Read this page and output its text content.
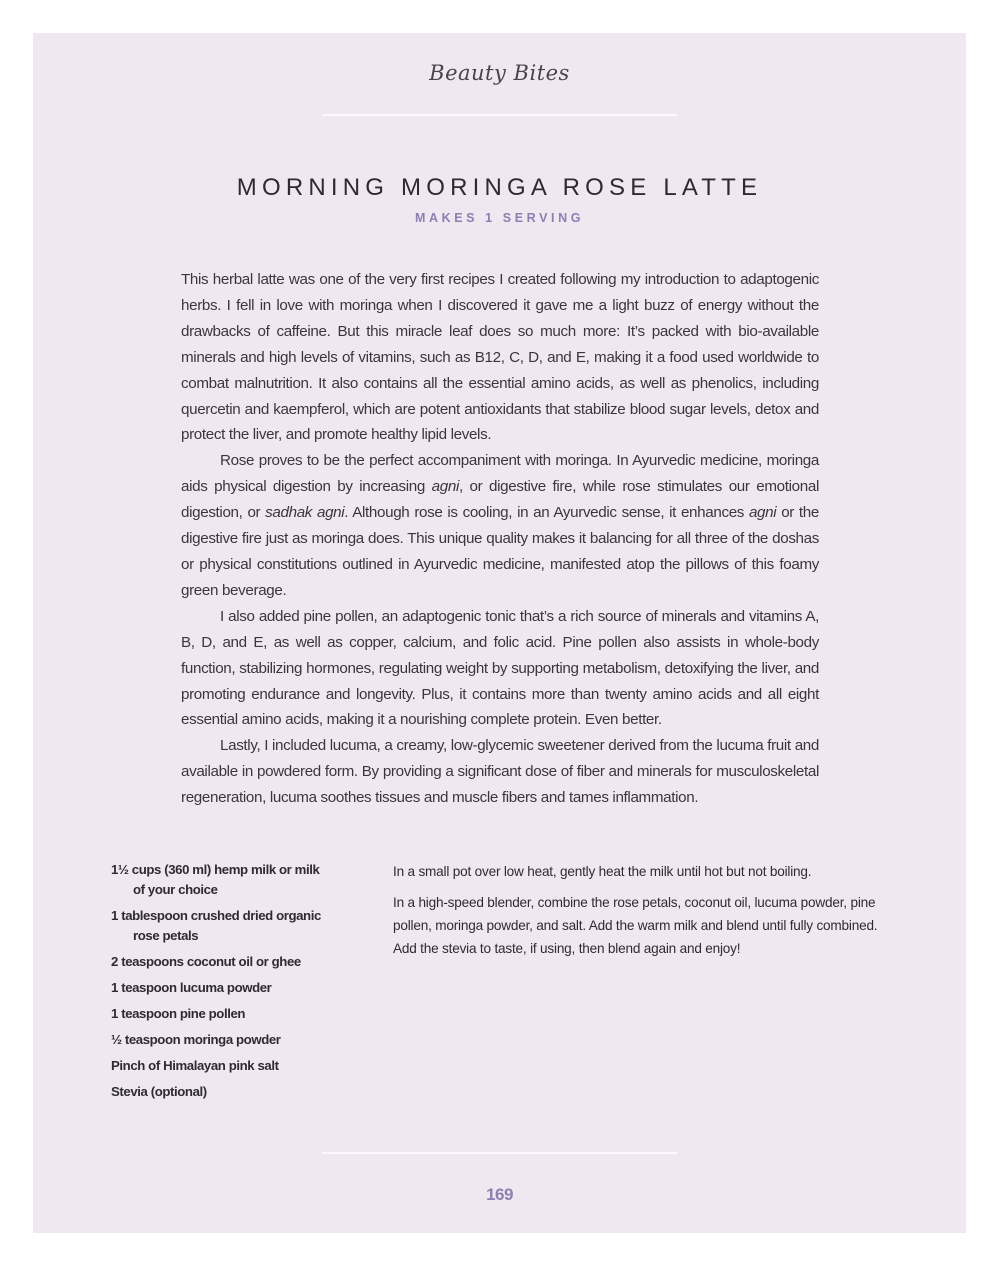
Beauty Bites
MORNING MORINGA ROSE LATTE
MAKES 1 SERVING

This herbal latte was one of the very first recipes I created following my introduction to adaptogenic herbs. I fell in love with moringa when I discovered it gave me a light buzz of energy without the drawbacks of caffeine. But this miracle leaf does so much more: It’s packed with bio-available minerals and high levels of vitamins, such as B12, C, D, and E, making it a food used worldwide to combat malnutrition. It also contains all the essential amino acids, as well as phenolics, including quercetin and kaempferol, which are potent antioxidants that stabilize blood sugar levels, detox and protect the liver, and promote healthy lipid levels.

Rose proves to be the perfect accompaniment with moringa. In Ayurvedic medicine, moringa aids physical digestion by increasing agni, or digestive fire, while rose stimulates our emotional digestion, or sadhak agni. Although rose is cooling, in an Ayurvedic sense, it enhances agni or the digestive fire just as moringa does. This unique quality makes it balancing for all three of the doshas or physical constitutions outlined in Ayurvedic medicine, manifested atop the pillows of this foamy green beverage.

I also added pine pollen, an adaptogenic tonic that’s a rich source of minerals and vitamins A, B, D, and E, as well as copper, calcium, and folic acid. Pine pollen also assists in whole-body function, stabilizing hormones, regulating weight by supporting metabolism, detoxifying the liver, and promoting endurance and longevity. Plus, it contains more than twenty amino acids and all eight essential amino acids, making it a nourishing complete protein. Even better.

Lastly, I included lucuma, a creamy, low-glycemic sweetener derived from the lucuma fruit and available in powdered form. By providing a significant dose of fiber and minerals for musculoskeletal regeneration, lucuma soothes tissues and muscle fibers and tames inflammation.

1½ cups (360 ml) hemp milk or milk of your choice
1 tablespoon crushed dried organic rose petals
2 teaspoons coconut oil or ghee
1 teaspoon lucuma powder
1 teaspoon pine pollen
½ teaspoon moringa powder
Pinch of Himalayan pink salt
Stevia (optional)

In a small pot over low heat, gently heat the milk until hot but not boiling.

In a high-speed blender, combine the rose petals, coconut oil, lucuma powder, pine pollen, moringa powder, and salt. Add the warm milk and blend until fully combined. Add the stevia to taste, if using, then blend again and enjoy!

169
